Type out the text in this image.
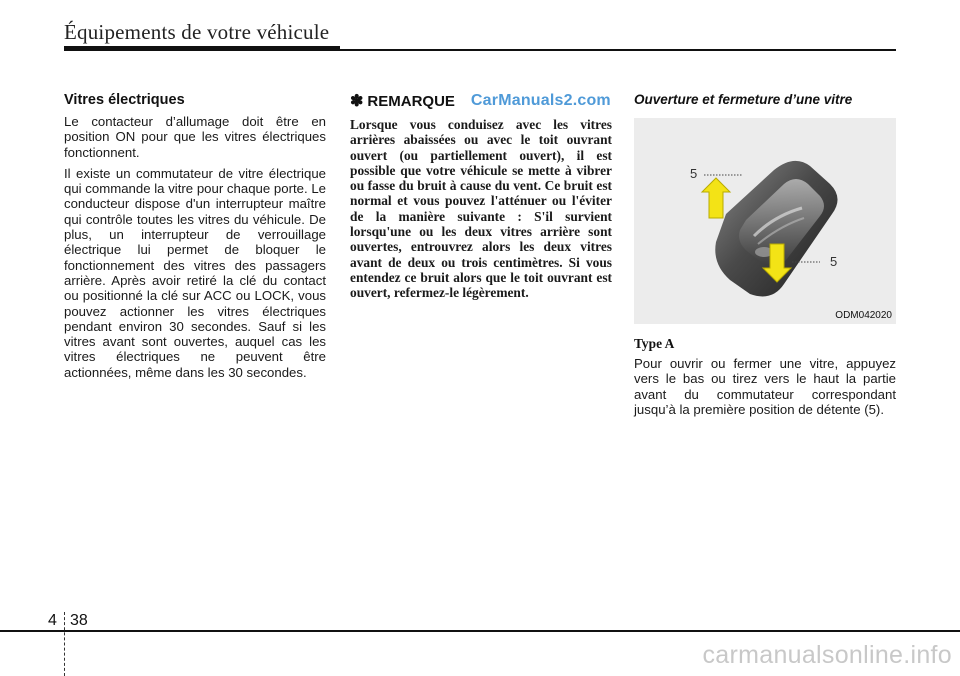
Équipements de votre véhicule
Vitres électriques

Le contacteur d’allumage doit être en position ON pour que les vitres électriques fonctionnent.

Il existe un commutateur de vitre électrique qui commande la vitre pour chaque porte. Le conducteur dispose d'un interrupteur maître qui contrôle toutes les vitres du véhicule. De plus, un interrupteur de verrouillage électrique lui permet de bloquer le fonctionnement des vitres des passagers arrière. Après avoir retiré la clé du contact ou positionné la clé sur ACC ou LOCK, vous pouvez actionner les vitres électriques pendant environ 30 secondes. Sauf si les vitres avant sont ouvertes, auquel cas les vitres électriques ne peuvent être actionnées, même dans les 30 secondes.

✽ REMARQUE CarManuals2.com

Lorsque vous conduisez avec les vitres arrières abaissées ou avec le toit ouvrant ouvert (ou partiellement ouvert), il est possible que votre véhicule se mette à vibrer ou fasse du bruit à cause du vent. Ce bruit est normal et vous pouvez l'atténuer ou l'éviter de la manière suivante : S'il survient lorsqu'une ou les deux vitres arrière sont ouvertes, entrouvrez alors les deux vitres avant de deux ou trois centimètres. Si vous entendez ce bruit alors que le toit ouvrant est ouvert, refermez-le légèrement.

Ouverture et fermeture d’une vitre
5
5
ODM042020

Type A

Pour ouvrir ou fermer une vitre, appuyez vers le bas ou tirez vers le haut la partie avant du commutateur correspondant jusqu’à la première position de détente (5).

4 38
carmanualsonline.info
